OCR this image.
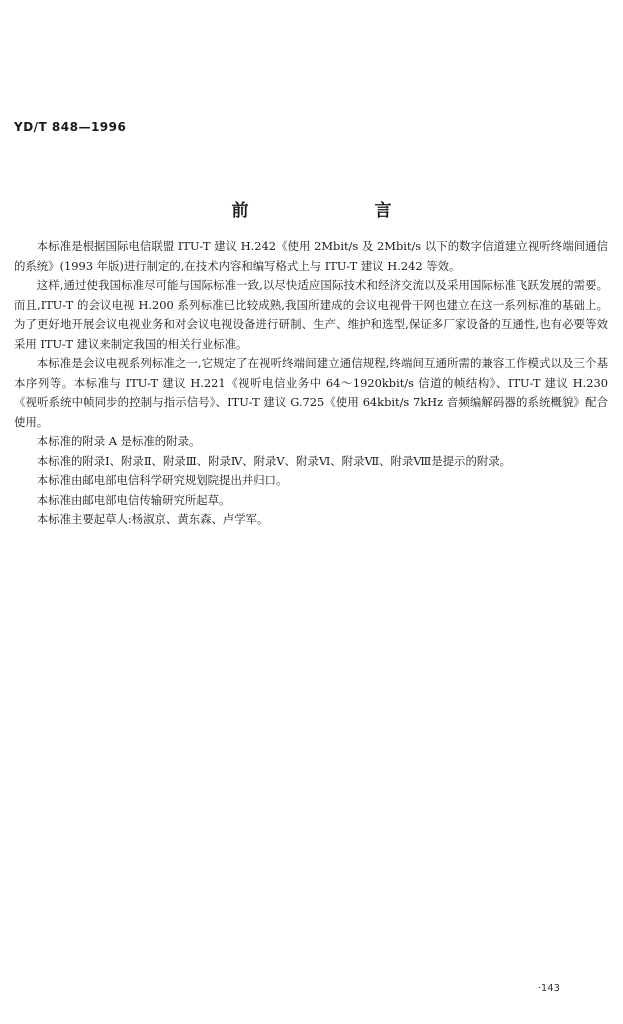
YD/T 848—1996
前 言

本标准是根据国际电信联盟 ITU-T 建议 H.242《使用 2Mbit/s 及 2Mbit/s 以下的数字信道建立视听终端间通信的系统》(1993 年版)进行制定的,在技术内容和编写格式上与 ITU-T 建议 H.242 等效。

这样,通过使我国标准尽可能与国际标准一致,以尽快适应国际技术和经济交流以及采用国际标准飞跃发展的需要。而且,ITU-T 的会议电视 H.200 系列标准已比较成熟,我国所建成的会议电视骨干网也建立在这一系列标准的基础上。为了更好地开展会议电视业务和对会议电视设备进行研制、生产、维护和选型,保证多厂家设备的互通性,也有必要等效采用 ITU-T 建议来制定我国的相关行业标准。

本标准是会议电视系列标准之一,它规定了在视听终端间建立通信规程,终端间互通所需的兼容工作模式以及三个基本序列等。本标准与 ITU-T 建议 H.221《视听电信业务中 64～1920kbit/s 信道的帧结构》、ITU-T 建议 H.230《视听系统中帧同步的控制与指示信号》、ITU-T 建议 G.725《使用 64kbit/s 7kHz 音频编解码器的系统概貌》配合使用。

本标准的附录 A 是标准的附录。

本标准的附录Ⅰ、附录Ⅱ、附录Ⅲ、附录Ⅳ、附录Ⅴ、附录Ⅵ、附录Ⅶ、附录Ⅷ是提示的附录。

本标准由邮电部电信科学研究规划院提出并归口。

本标准由邮电部电信传输研究所起草。

本标准主要起草人:杨淑京、黄东森、卢学军。

·143
